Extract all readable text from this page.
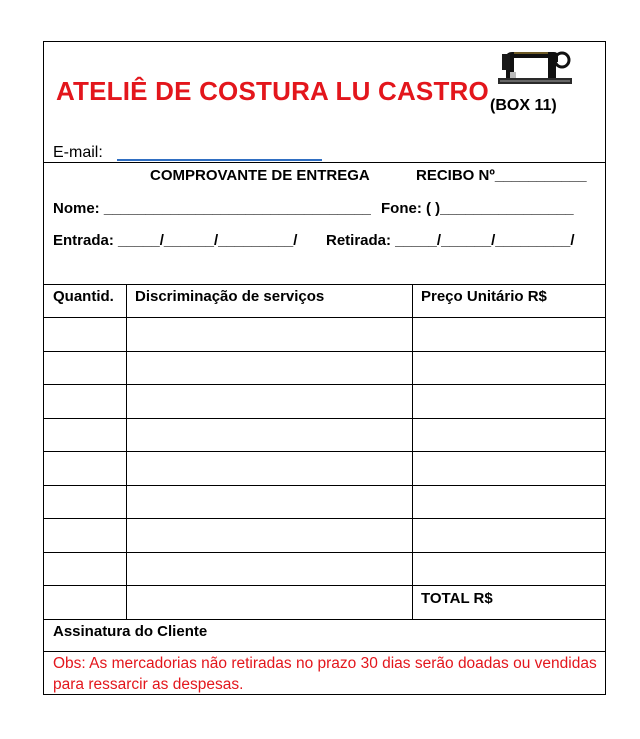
ATELIÊ DE COSTURA LU CASTRO (BOX 11)
E-mail:
COMPROVANTE DE ENTREGA	RECIBO Nº___________
Nome: ________________________________ Fone: ( )________________
Entrada: _____/______/_________/ Retirada: _____/______/_________/
Quantid. Discriminação de serviços	Preço Unitário R$
TOTAL R$
Assinatura do Cliente
Obs: As mercadorias não retiradas no prazo 30 dias serão doadas ou vendidas para ressarcir as despesas.
